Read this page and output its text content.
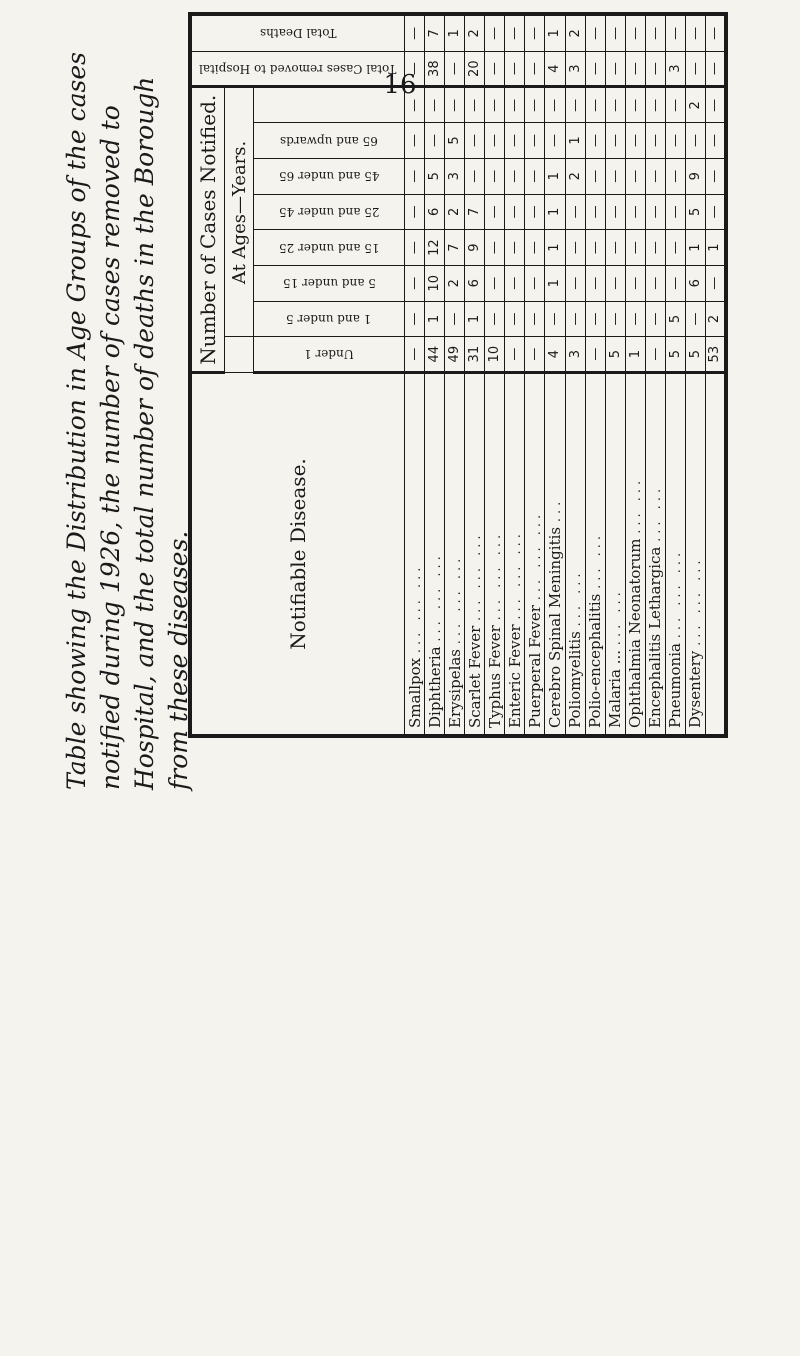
16

Table showing the Distribution in Age Groups of the cases notified during 1926, the number of cases removed to Hospital, and the total number of deaths in the Borough from these diseases.	Notifiable Disease.	Number of Cases Notified.								Total Cases removed to Hospital	Total Deaths

		At Ages—Years.								

	Under 1	1 and under 5	5 and under 15	15 and under 25	25 and under 45	45 and under 65	65 and upwards			

Smallpox ... ... ...	—	—	—	—	—	—	—	—	—	—
Diphtheria ... ... ...	44	1	10	12	6	5	—	—	38	7
Erysipelas ... ... ...	49	—	2	7	2	3	5	—	—	1
Scarlet Fever ... ... ...	31	1	6	9	7	—	—	—	20	2
Typhus Fever ... ... ...	10	—	—	—	—	—	—	—	—	—
Enteric Fever ... ... ...	—	—	—	—	—	—	—	—	—	—
Puerperal Fever ... ... ...	—	—	—	—	—	—	—	—	—	—
Cerebro Spinal Meningitis ...	4	—	1	1	1	1	—	—	4	1
Poliomyelitis ... ...	3	—	—	—	—	2	1	—	3	2
Polio-encephalitis ... ...	—	—	—	—	—	—	—	—	—	—
Malaria ... ... ...	5	—	—	—	—	—	—	—	—	—
Ophthalmia Neonatorum ... ...	1	—	—	—	—	—	—	—	—	—
Encephalitis Lethargica ... ...	—	—	—	—	—	—	—	—	—	—
Pneumonia ... ... ...	5	5	—	—	—	—	—	—	3	—
Dysentery ... ... ...	5	—	6	1	5	9	—	2	—	—
	53	2	—	1	—	—	—	—	—	—
